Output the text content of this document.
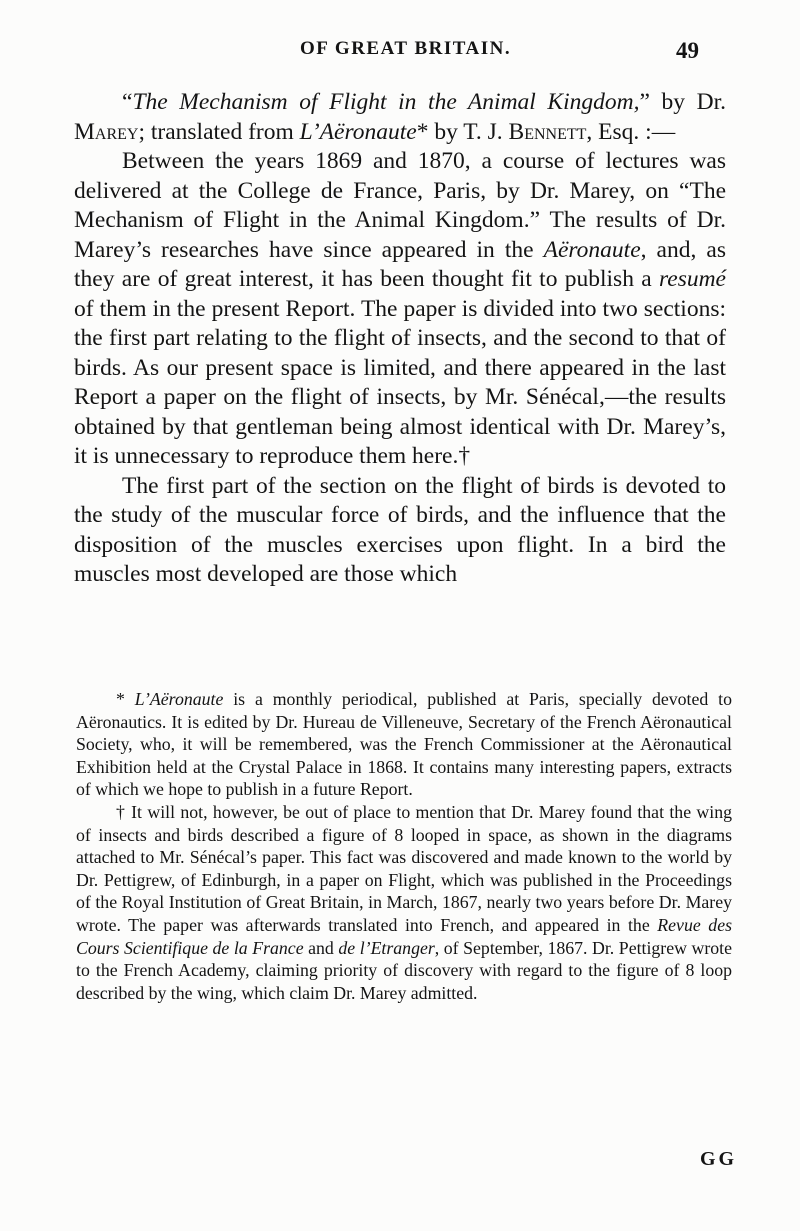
OF GREAT BRITAIN.	49

“The Mechanism of Flight in the Animal Kingdom,” by Dr. Marey; translated from L’Aëronaute* by T. J. Bennett, Esq. :—

Between the years 1869 and 1870, a course of lectures was delivered at the College de France, Paris, by Dr. Marey, on “The Mechanism of Flight in the Animal Kingdom.” The results of Dr. Marey’s researches have since appeared in the Aëronaute, and, as they are of great interest, it has been thought fit to publish a resumé of them in the present Report. The paper is divided into two sections: the first part relating to the flight of insects, and the second to that of birds. As our present space is limited, and there appeared in the last Report a paper on the flight of insects, by Mr. Sénécal,—the results obtained by that gentleman being almost identical with Dr. Marey’s, it is unnecessary to reproduce them here.†

The first part of the section on the flight of birds is devoted to the study of the muscular force of birds, and the influence that the disposition of the muscles exercises upon flight. In a bird the muscles most developed are those which

* L’Aëronaute is a monthly periodical, published at Paris, specially devoted to Aëronautics. It is edited by Dr. Hureau de Villeneuve, Secretary of the French Aëronautical Society, who, it will be remembered, was the French Commissioner at the Aëronautical Exhibition held at the Crystal Palace in 1868. It contains many interesting papers, extracts of which we hope to publish in a future Report.

† It will not, however, be out of place to mention that Dr. Marey found that the wing of insects and birds described a figure of 8 looped in space, as shown in the diagrams attached to Mr. Sénécal’s paper. This fact was discovered and made known to the world by Dr. Pettigrew, of Edinburgh, in a paper on Flight, which was published in the Proceedings of the Royal Institution of Great Britain, in March, 1867, nearly two years before Dr. Marey wrote. The paper was afterwards translated into French, and appeared in the Revue des Cours Scientifique de la France and de l’Etranger, of September, 1867. Dr. Pettigrew wrote to the French Academy, claiming priority of discovery with regard to the figure of 8 loop described by the wing, which claim Dr. Marey admitted.

GG
